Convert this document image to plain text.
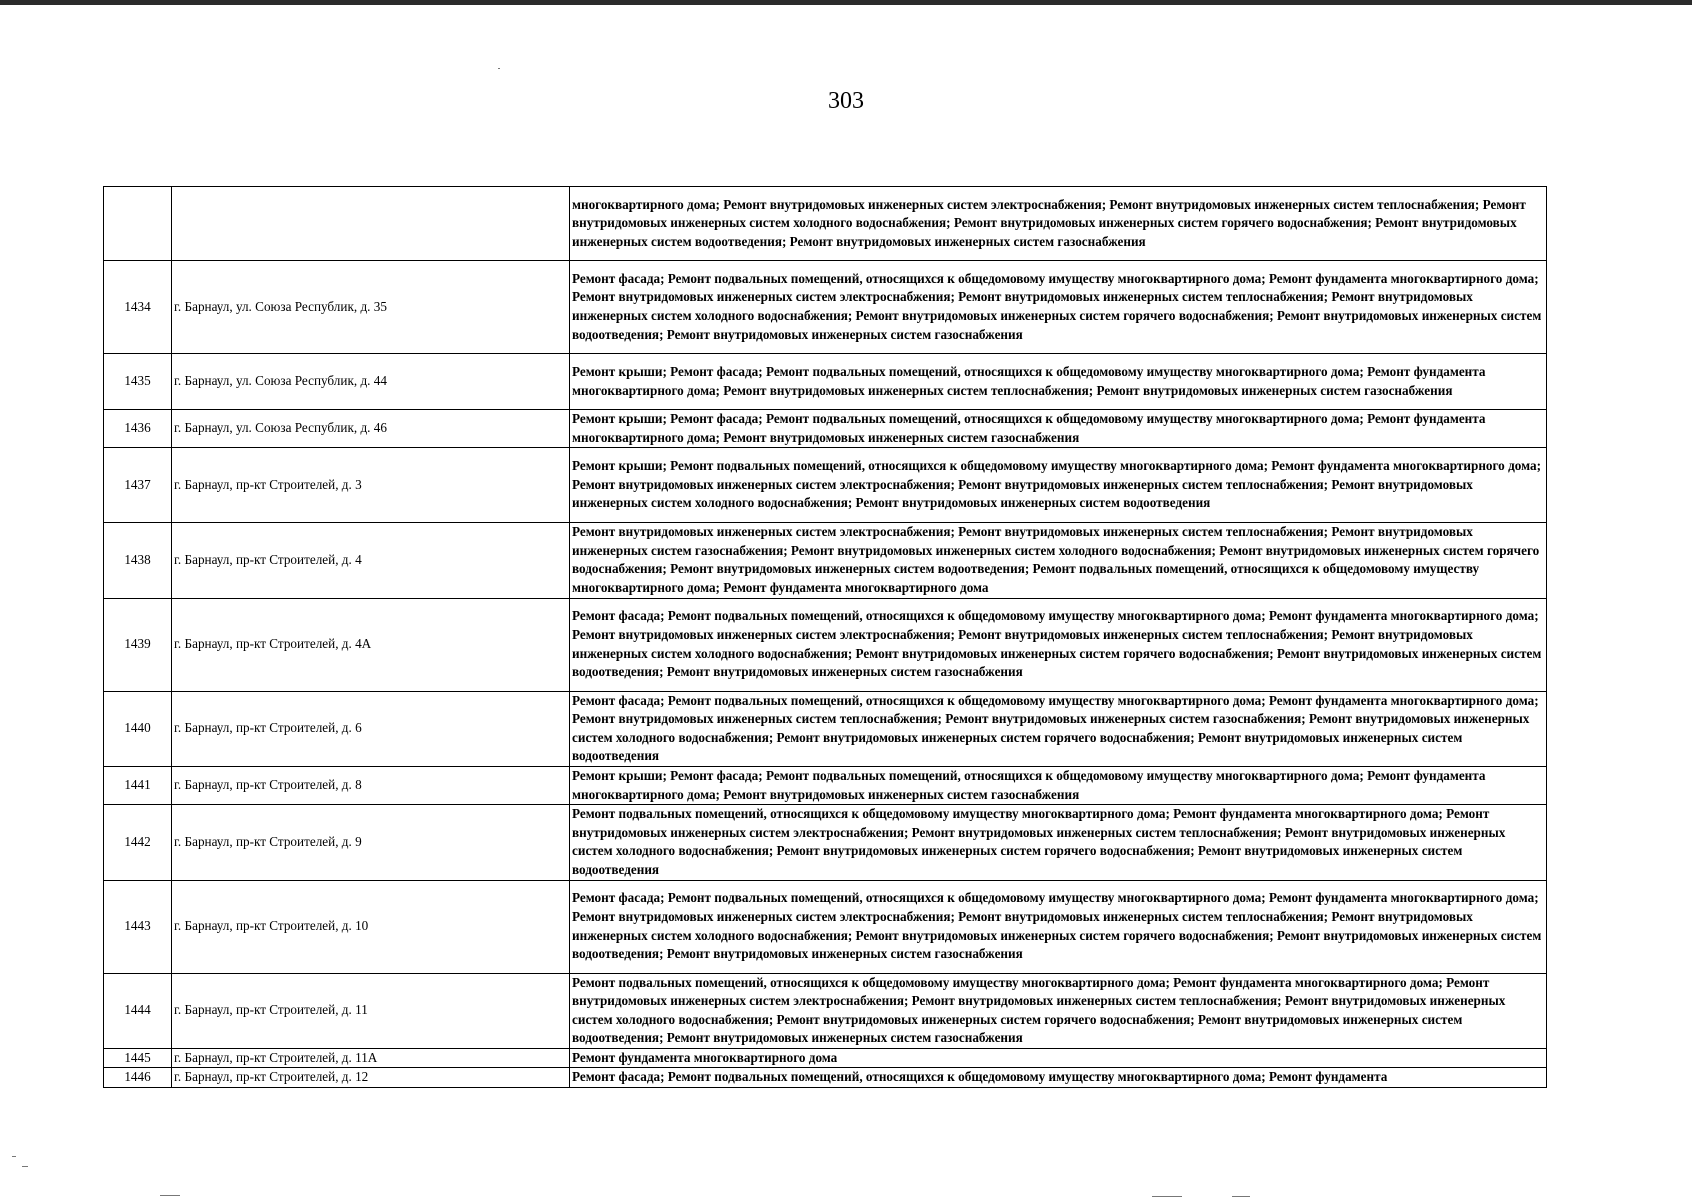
303
		многоквартирного дома; Ремонт внутридомовых инженерных систем электроснабжения; Ремонт внутридомовых инженерных систем теплоснабжения; Ремонт внутридомовых инженерных систем холодного водоснабжения; Ремонт внутридомовых инженерных систем горячего водоснабжения; Ремонт внутридомовых инженерных систем водоотведения; Ремонт внутридомовых инженерных систем газоснабжения
1434	г. Барнаул, ул. Союза Республик, д. 35	Ремонт фасада; Ремонт подвальных помещений, относящихся к общедомовому имуществу многоквартирного дома; Ремонт фундамента многоквартирного дома; Ремонт внутридомовых инженерных систем электроснабжения; Ремонт внутридомовых инженерных систем теплоснабжения; Ремонт внутридомовых инженерных систем холодного водоснабжения; Ремонт внутридомовых инженерных систем горячего водоснабжения; Ремонт внутридомовых инженерных систем водоотведения; Ремонт внутридомовых инженерных систем газоснабжения
1435	г. Барнаул, ул. Союза Республик, д. 44	Ремонт крыши; Ремонт фасада; Ремонт подвальных помещений, относящихся к общедомовому имуществу многоквартирного дома; Ремонт фундамента многоквартирного дома; Ремонт внутридомовых инженерных систем теплоснабжения; Ремонт внутридомовых инженерных систем газоснабжения
1436	г. Барнаул, ул. Союза Республик, д. 46	Ремонт крыши; Ремонт фасада; Ремонт подвальных помещений, относящихся к общедомовому имуществу многоквартирного дома; Ремонт фундамента многоквартирного дома; Ремонт внутридомовых инженерных систем газоснабжения
1437	г. Барнаул, пр-кт Строителей, д. 3	Ремонт крыши; Ремонт подвальных помещений, относящихся к общедомовому имуществу многоквартирного дома; Ремонт фундамента многоквартирного дома; Ремонт внутридомовых инженерных систем электроснабжения; Ремонт внутридомовых инженерных систем теплоснабжения; Ремонт внутридомовых инженерных систем холодного водоснабжения; Ремонт внутридомовых инженерных систем водоотведения
1438	г. Барнаул, пр-кт Строителей, д. 4	Ремонт внутридомовых инженерных систем электроснабжения; Ремонт внутридомовых инженерных систем теплоснабжения; Ремонт внутридомовых инженерных систем газоснабжения; Ремонт внутридомовых инженерных систем холодного водоснабжения; Ремонт внутридомовых инженерных систем горячего водоснабжения; Ремонт внутридомовых инженерных систем водоотведения; Ремонт подвальных помещений, относящихся к общедомовому имуществу многоквартирного дома; Ремонт фундамента многоквартирного дома
1439	г. Барнаул, пр-кт Строителей, д. 4А	Ремонт фасада; Ремонт подвальных помещений, относящихся к общедомовому имуществу многоквартирного дома; Ремонт фундамента многоквартирного дома; Ремонт внутридомовых инженерных систем электроснабжения; Ремонт внутридомовых инженерных систем теплоснабжения; Ремонт внутридомовых инженерных систем холодного водоснабжения; Ремонт внутридомовых инженерных систем горячего водоснабжения; Ремонт внутридомовых инженерных систем водоотведения; Ремонт внутридомовых инженерных систем газоснабжения
1440	г. Барнаул, пр-кт Строителей, д. 6	Ремонт фасада; Ремонт подвальных помещений, относящихся к общедомовому имуществу многоквартирного дома; Ремонт фундамента многоквартирного дома; Ремонт внутридомовых инженерных систем теплоснабжения; Ремонт внутридомовых инженерных систем газоснабжения; Ремонт внутридомовых инженерных систем холодного водоснабжения; Ремонт внутридомовых инженерных систем горячего водоснабжения; Ремонт внутридомовых инженерных систем водоотведения
1441	г. Барнаул, пр-кт Строителей, д. 8	Ремонт крыши; Ремонт фасада; Ремонт подвальных помещений, относящихся к общедомовому имуществу многоквартирного дома; Ремонт фундамента многоквартирного дома; Ремонт внутридомовых инженерных систем газоснабжения
1442	г. Барнаул, пр-кт Строителей, д. 9	Ремонт подвальных помещений, относящихся к общедомовому имуществу многоквартирного дома; Ремонт фундамента многоквартирного дома; Ремонт внутридомовых инженерных систем электроснабжения; Ремонт внутридомовых инженерных систем теплоснабжения; Ремонт внутридомовых инженерных систем холодного водоснабжения; Ремонт внутридомовых инженерных систем горячего водоснабжения; Ремонт внутридомовых инженерных систем водоотведения
1443	г. Барнаул, пр-кт Строителей, д. 10	Ремонт фасада; Ремонт подвальных помещений, относящихся к общедомовому имуществу многоквартирного дома; Ремонт фундамента многоквартирного дома; Ремонт внутридомовых инженерных систем электроснабжения; Ремонт внутридомовых инженерных систем теплоснабжения; Ремонт внутридомовых инженерных систем холодного водоснабжения; Ремонт внутридомовых инженерных систем горячего водоснабжения; Ремонт внутридомовых инженерных систем водоотведения; Ремонт внутридомовых инженерных систем газоснабжения
1444	г. Барнаул, пр-кт Строителей, д. 11	Ремонт подвальных помещений, относящихся к общедомовому имуществу многоквартирного дома; Ремонт фундамента многоквартирного дома; Ремонт внутридомовых инженерных систем электроснабжения; Ремонт внутридомовых инженерных систем теплоснабжения; Ремонт внутридомовых инженерных систем холодного водоснабжения; Ремонт внутридомовых инженерных систем горячего водоснабжения; Ремонт внутридомовых инженерных систем водоотведения; Ремонт внутридомовых инженерных систем газоснабжения
1445	г. Барнаул, пр-кт Строителей, д. 11А	Ремонт фундамента многоквартирного дома
1446	г. Барнаул, пр-кт Строителей, д. 12	Ремонт фасада; Ремонт подвальных помещений, относящихся к общедомовому имуществу многоквартирного дома; Ремонт фундамента
